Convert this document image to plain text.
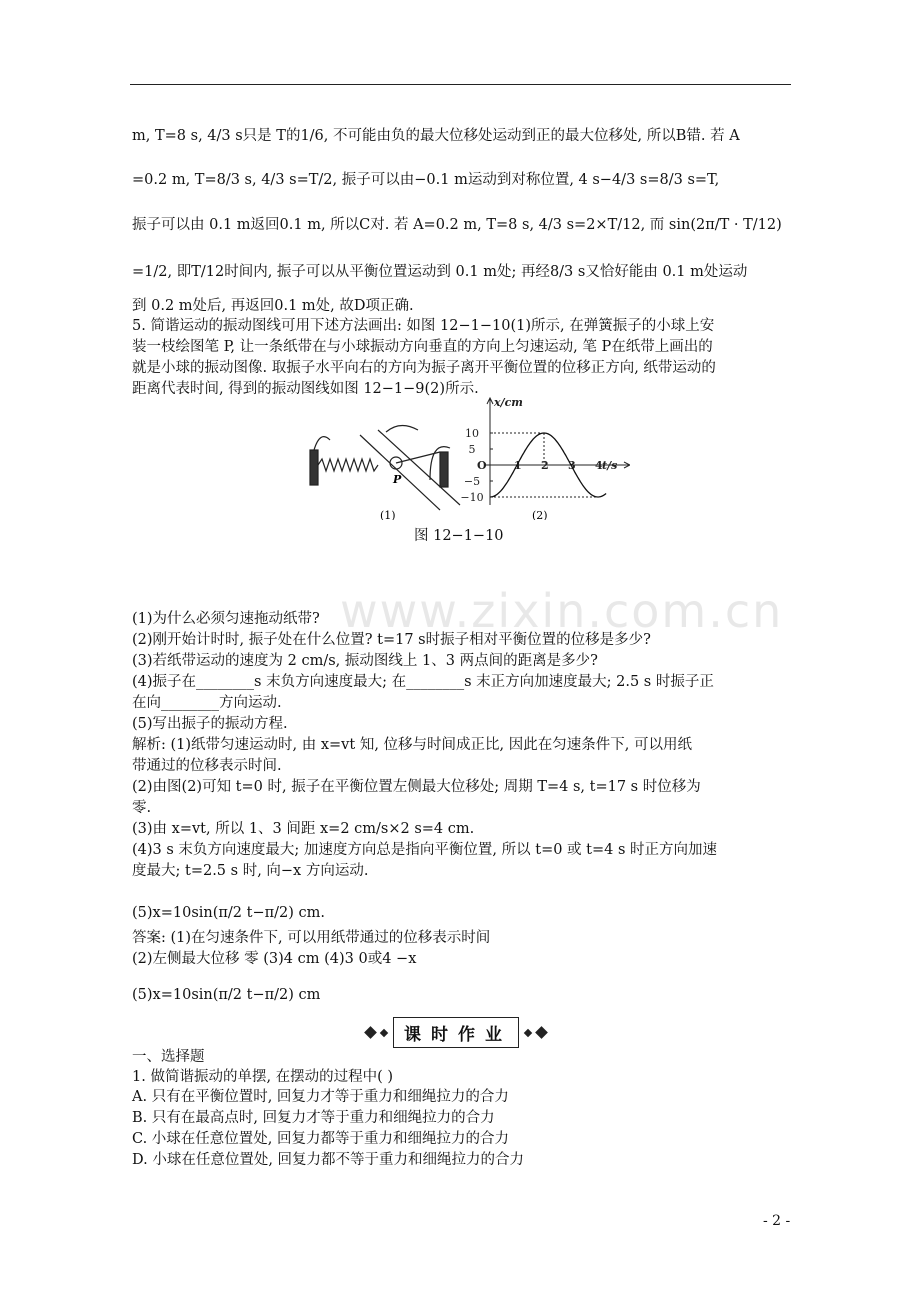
m, T=8 s, 4/3 s只是 T的1/6, 不可能由负的最大位移处运动到正的最大位移处, 所以B错. 若 A
=0.2 m, T=8/3 s, 4/3 s=T/2, 振子可以由−0.1 m运动到对称位置, 4 s−4/3 s=8/3 s=T,
振子可以由 0.1 m返回0.1 m, 所以C对. 若 A=0.2 m, T=8 s, 4/3 s=2×T/12, 而 sin(2π/T · T/12)
=1/2, 即T/12时间内, 振子可以从平衡位置运动到 0.1 m处; 再经8/3 s又恰好能由 0.1 m处运动
到 0.2 m处后, 再返回0.1 m处, 故D项正确.
5. 简谐运动的振动图线可用下述方法画出: 如图 12−1−10(1)所示, 在弹簧振子的小球上安
装一枝绘图笔 P, 让一条纸带在与小球振动方向垂直的方向上匀速运动, 笔 P在纸带上画出的
就是小球的振动图像. 取振子水平向右的方向为振子离开平衡位置的位移正方向, 纸带运动的
距离代表时间, 得到的振动图线如图 12−1−9(2)所示.
(1)为什么必须匀速拖动纸带?
(2)刚开始计时时, 振子处在什么位置? t=17 s时振子相对平衡位置的位移是多少?
(3)若纸带运动的速度为 2 cm/s, 振动图线上 1、3 两点间的距离是多少?
(4)振子在________s 末负方向速度最大; 在________s 末正方向加速度最大; 2.5 s 时振子正
在向________方向运动.
(5)写出振子的振动方程.
解析: (1)纸带匀速运动时, 由 x=vt 知, 位移与时间成正比, 因此在匀速条件下, 可以用纸
带通过的位移表示时间.
(2)由图(2)可知 t=0 时, 振子在平衡位置左侧最大位移处; 周期 T=4 s, t=17 s 时位移为
零.
(3)由 x=vt, 所以 1、3 间距 x=2 cm/s×2 s=4 cm.
(4)3 s 末负方向速度最大; 加速度方向总是指向平衡位置, 所以 t=0 或 t=4 s 时正方向加速
度最大; t=2.5 s 时, 向−x 方向运动.
(5)x=10sin(π/2 t−π/2) cm.
答案: (1)在匀速条件下, 可以用纸带通过的位移表示时间
(2)左侧最大位移 零 (3)4 cm (4)3 0或4 −x
(5)x=10sin(π/2 t−π/2) cm
一、选择题
1. 做简谐振动的单摆, 在摆动的过程中( )
A. 只有在平衡位置时, 回复力才等于重力和细绳拉力的合力
B. 只有在最高点时, 回复力才等于重力和细绳拉力的合力
C. 小球在任意位置处, 回复力都等于重力和细绳拉力的合力
D. 小球在任意位置处, 回复力都不等于重力和细绳拉力的合力
www.zixin.com.cn
P
(1)
x/cm
t/s
O
10
5
−5
−10
1 2 3 4
(2)
图 12−1−10
课时作业
- 2 -
